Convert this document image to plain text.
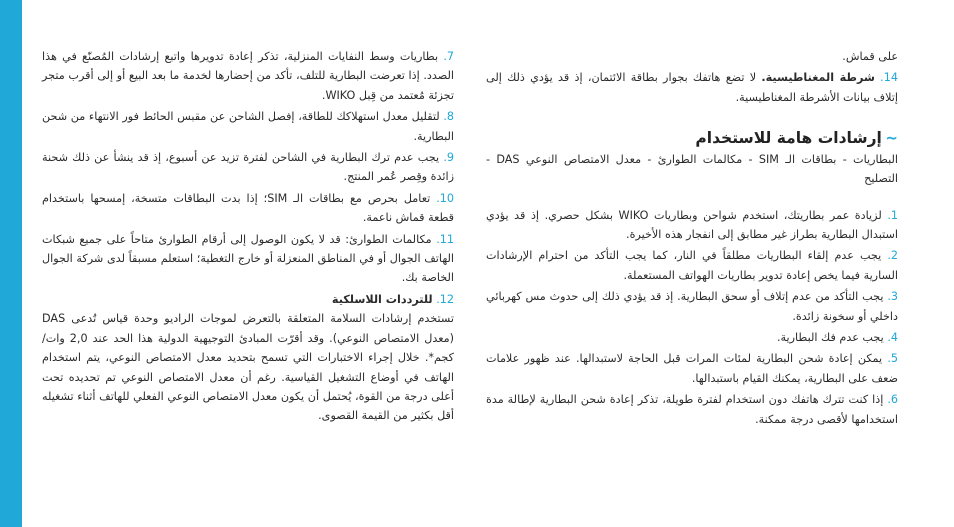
7. بطاريات وسط النفايات المنزلية، تذكر إعادة تدويرها واتبع إرشادات المُصنّع في هذا الصدد. إذا تعرضت البطارية للتلف، تأكد من إحضارها لخدمة ما بعد البيع أو إلى أقرب متجر تجزئة مُعتمد من قِبل WIKO.
8. لتقليل معدل استهلاكك للطاقة، إفصل الشاحن عن مقبس الحائط فور الانتهاء من شحن البطارية.
9. يجب عدم ترك البطارية في الشاحن لفترة تزيد عن أسبوع، إذ قد ينشأ عن ذلك شحنة زائدة وقِصر عُمر المنتج.
10. تعامل بحرص مع بطاقات الـ SIM؛ إذا بدت البطاقات متسخة، إمسحها باستخدام قطعة قماش ناعمة.
11. مكالمات الطوارئ: قد لا يكون الوصول إلى أرقام الطوارئ متاحاً على جميع شبكات الهاتف الجوال أو في المناطق المنعزلة أو خارج التغطية؛ استعلم مسبقاً لدى شركة الجوال الخاصة بك.
12. للترددات اللاسلكية
تستخدم إرشادات السلامة المتعلقة بالتعرض لموجات الراديو وحدة قياس تُدعى DAS (معدل الامتصاص النوعي). وقد أقرّت المبادئ التوجيهية الدولية هذا الحد عند 2,0 وات/كجم*. خلال إجراء الاختبارات التي تسمح بتحديد معدل الامتصاص النوعي، يتم استخدام الهاتف في أوضاع التشغيل القياسية. رغم أن معدل الامتصاص النوعي تم تحديده تحت أعلى درجة من القوة، يُحتمل أن يكون معدل الامتصاص النوعي الفعلي للهاتف أثناء تشغيله أقل بكثير من القيمة القصوى.
على قماش.
14. شرطة المغناطيسية. لا تضع هاتفك بجوار بطاقة الائتمان، إذ قد يؤدي ذلك إلى إتلاف بيانات الأشرطة المغناطيسية.
~ إرشادات هامة للاستخدام
البطاريات - بطاقات الـ SIM - مكالمات الطوارئ - معدل الامتصاص النوعي DAS - التصليح
1. لزيادة عمر بطاريتك، استخدم شواحن وبطاريات WIKO بشكل حصري. إذ قد يؤدي استبدال البطارية بطراز غير مطابق إلى انفجار هذه الأخيرة.
2. يجب عدم إلقاء البطاريات مطلقاً في النار، كما يجب التأكد من احترام الإرشادات السارية فيما يخص إعادة تدوير بطاريات الهواتف المستعملة.
3. يجب التأكد من عدم إتلاف أو سحق البطارية. إذ قد يؤدي ذلك إلى حدوث مس كهربائي داخلي أو سخونة زائدة.
4. يجب عدم فك البطارية.
5. يمكن إعادة شحن البطارية لمئات المرات قبل الحاجة لاستبدالها. عند ظهور علامات ضعف على البطارية، يمكنك القيام باستبدالها.
6. إذا كنت تترك هاتفك دون استخدام لفترة طويلة، تذكر إعادة شحن البطارية لإطالة مدة استخدامها لأقصى درجة ممكنة.
